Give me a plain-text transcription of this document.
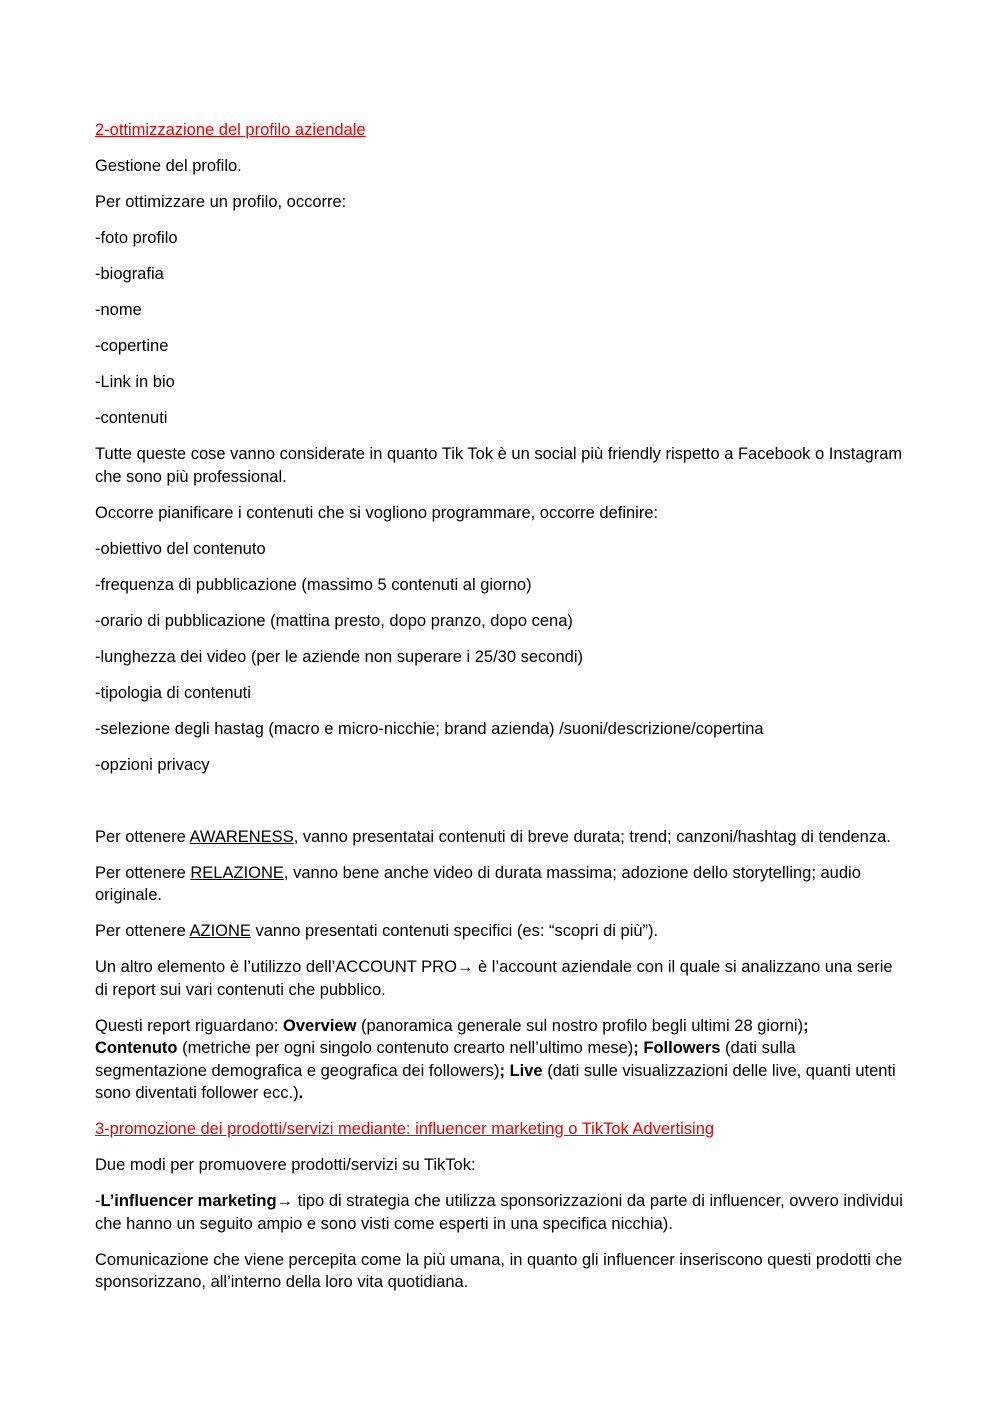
2-ottimizzazione del profilo aziendale

Gestione del profilo.

Per ottimizzare un profilo, occorre:

-foto profilo

-biografia

-nome

-copertine

-Link in bio

-contenuti

Tutte queste cose vanno considerate in quanto Tik Tok è un social più friendly rispetto a Facebook o Instagram che sono più professional.

Occorre pianificare i contenuti che si vogliono programmare, occorre definire:

-obiettivo del contenuto

-frequenza di pubblicazione (massimo 5 contenuti al giorno)

-orario di pubblicazione (mattina presto, dopo pranzo, dopo cena)

-lunghezza dei video (per le aziende non superare i 25/30 secondi)

-tipologia di contenuti

-selezione degli hastag (macro e micro-nicchie; brand azienda) /suoni/descrizione/copertina

-opzioni privacy

Per ottenere AWARENESS, vanno presentatai contenuti di breve durata; trend; canzoni/hashtag di tendenza.

Per ottenere RELAZIONE, vanno bene anche video di durata massima; adozione dello storytelling; audio originale.

Per ottenere AZIONE vanno presentati contenuti specifici (es: “scopri di più”).

Un altro elemento è l’utilizzo dell’ACCOUNT PRO→ è l’account aziendale con il quale si analizzano una serie di report sui vari contenuti che pubblico.

Questi report riguardano: Overview (panoramica generale sul nostro profilo begli ultimi 28 giorni);
Contenuto (metriche per ogni singolo contenuto crearto nell’ultimo mese); Followers (dati sulla segmentazione demografica e geografica dei followers); Live (dati sulle visualizzazioni delle live, quanti utenti sono diventati follower ecc.).

3-promozione dei prodotti/servizi mediante: influencer marketing o TikTok Advertising

Due modi per promuovere prodotti/servizi su TikTok:

-L’influencer marketing→ tipo di strategia che utilizza sponsorizzazioni da parte di influencer, ovvero individui che hanno un seguito ampio e sono visti come esperti in una specifica nicchia).

Comunicazione che viene percepita come la più umana, in quanto gli influencer inseriscono questi prodotti che sponsorizzano, all’interno della loro vita quotidiana.
